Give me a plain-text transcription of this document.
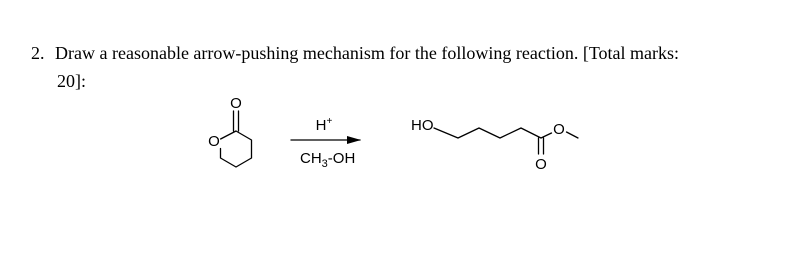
2. Draw a reasonable arrow-pushing mechanism for the following reaction. [Total marks:
20]:
O
O
H+
$CH_3-OH$
HO	O
O
